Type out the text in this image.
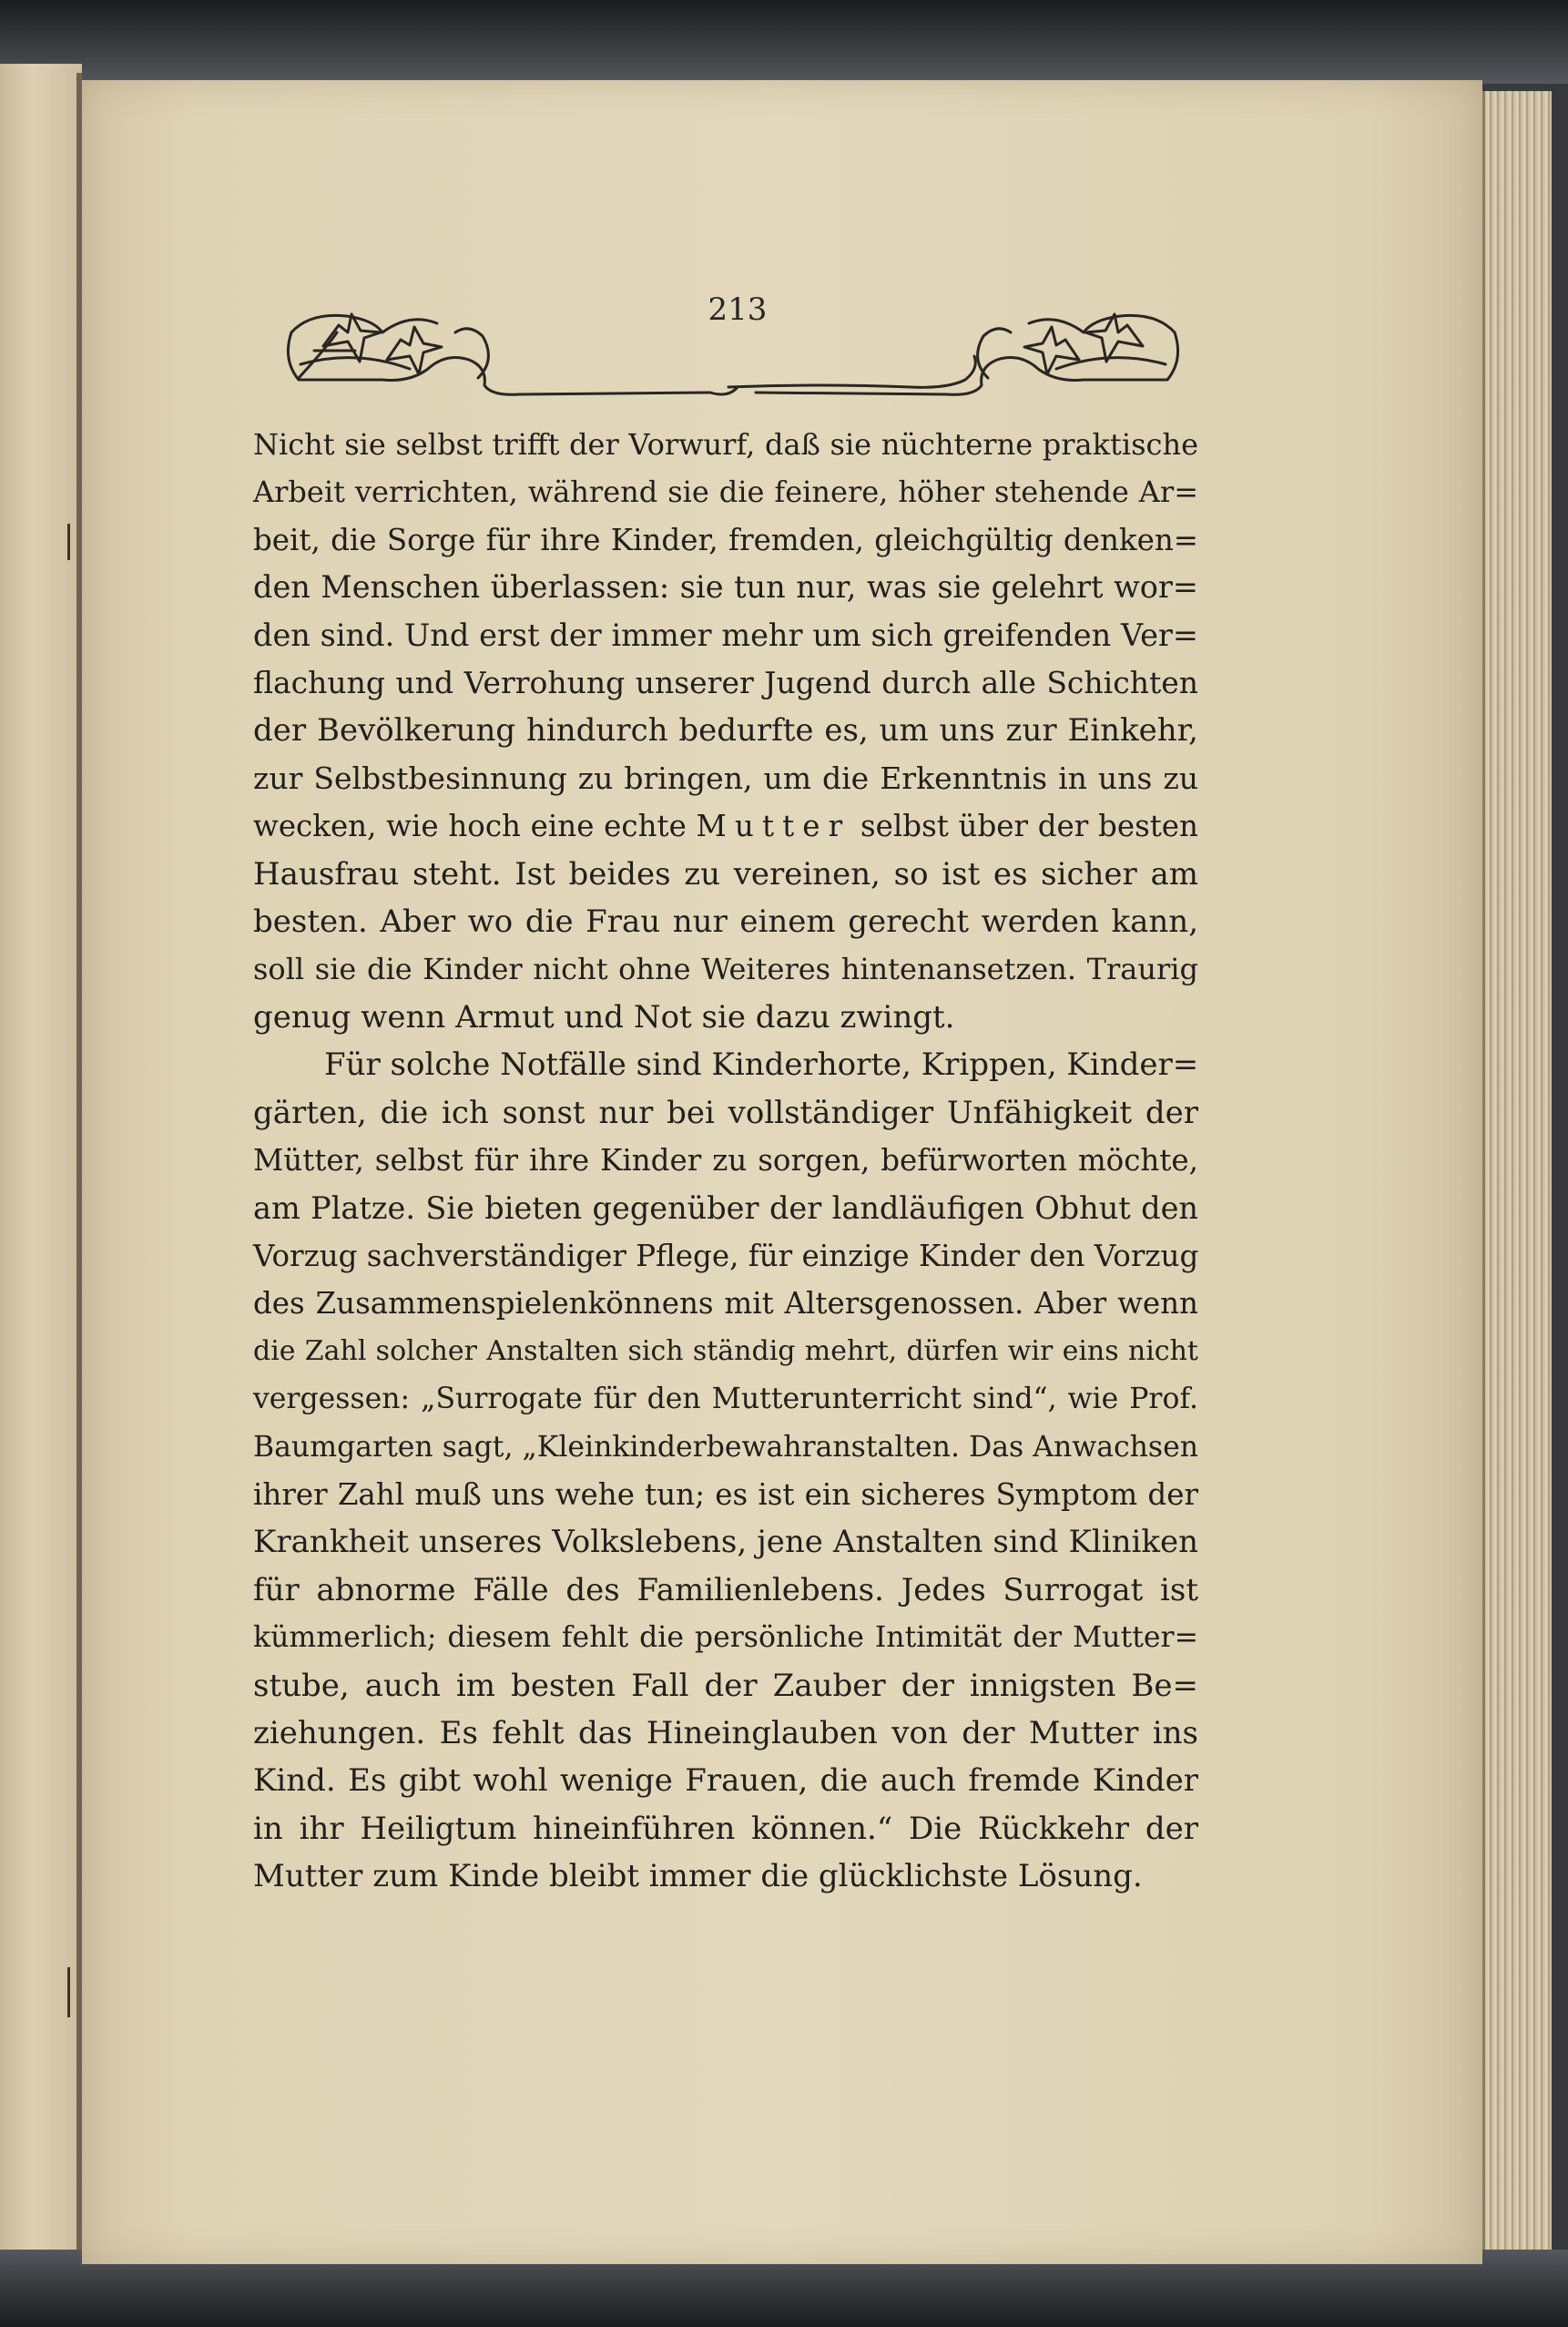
213
Nicht sie selbst trifft der Vorwurf, daß sie nüchterne praktische
Arbeit verrichten, während sie die feinere, höher stehende Ar=
beit, die Sorge für ihre Kinder, fremden, gleichgültig denken=
den Menschen überlassen: sie tun nur, was sie gelehrt wor=
den sind. Und erst der immer mehr um sich greifenden Ver=
flachung und Verrohung unserer Jugend durch alle Schichten
der Bevölkerung hindurch bedurfte es, um uns zur Einkehr,
zur Selbstbesinnung zu bringen, um die Erkenntnis in uns zu
wecken, wie hoch eine echte Mutter selbst über der besten
Hausfrau steht. Ist beides zu vereinen, so ist es sicher am
besten. Aber wo die Frau nur einem gerecht werden kann,
soll sie die Kinder nicht ohne Weiteres hintenansetzen. Traurig
genug wenn Armut und Not sie dazu zwingt.
Für solche Notfälle sind Kinderhorte, Krippen, Kinder=
gärten, die ich sonst nur bei vollständiger Unfähigkeit der
Mütter, selbst für ihre Kinder zu sorgen, befürworten möchte,
am Platze. Sie bieten gegenüber der landläufigen Obhut den
Vorzug sachverständiger Pflege, für einzige Kinder den Vorzug
des Zusammenspielenkönnens mit Altersgenossen. Aber wenn
die Zahl solcher Anstalten sich ständig mehrt, dürfen wir eins nicht
vergessen: „Surrogate für den Mutterunterricht sind“, wie Prof.
Baumgarten sagt, „Kleinkinderbewahranstalten. Das Anwachsen
ihrer Zahl muß uns wehe tun; es ist ein sicheres Symptom der
Krankheit unseres Volkslebens, jene Anstalten sind Kliniken
für abnorme Fälle des Familienlebens. Jedes Surrogat ist
kümmerlich; diesem fehlt die persönliche Intimität der Mutter=
stube, auch im besten Fall der Zauber der innigsten Be=
ziehungen. Es fehlt das Hineinglauben von der Mutter ins
Kind. Es gibt wohl wenige Frauen, die auch fremde Kinder
in ihr Heiligtum hineinführen können.“ Die Rückkehr der
Mutter zum Kinde bleibt immer die glücklichste Lösung.
